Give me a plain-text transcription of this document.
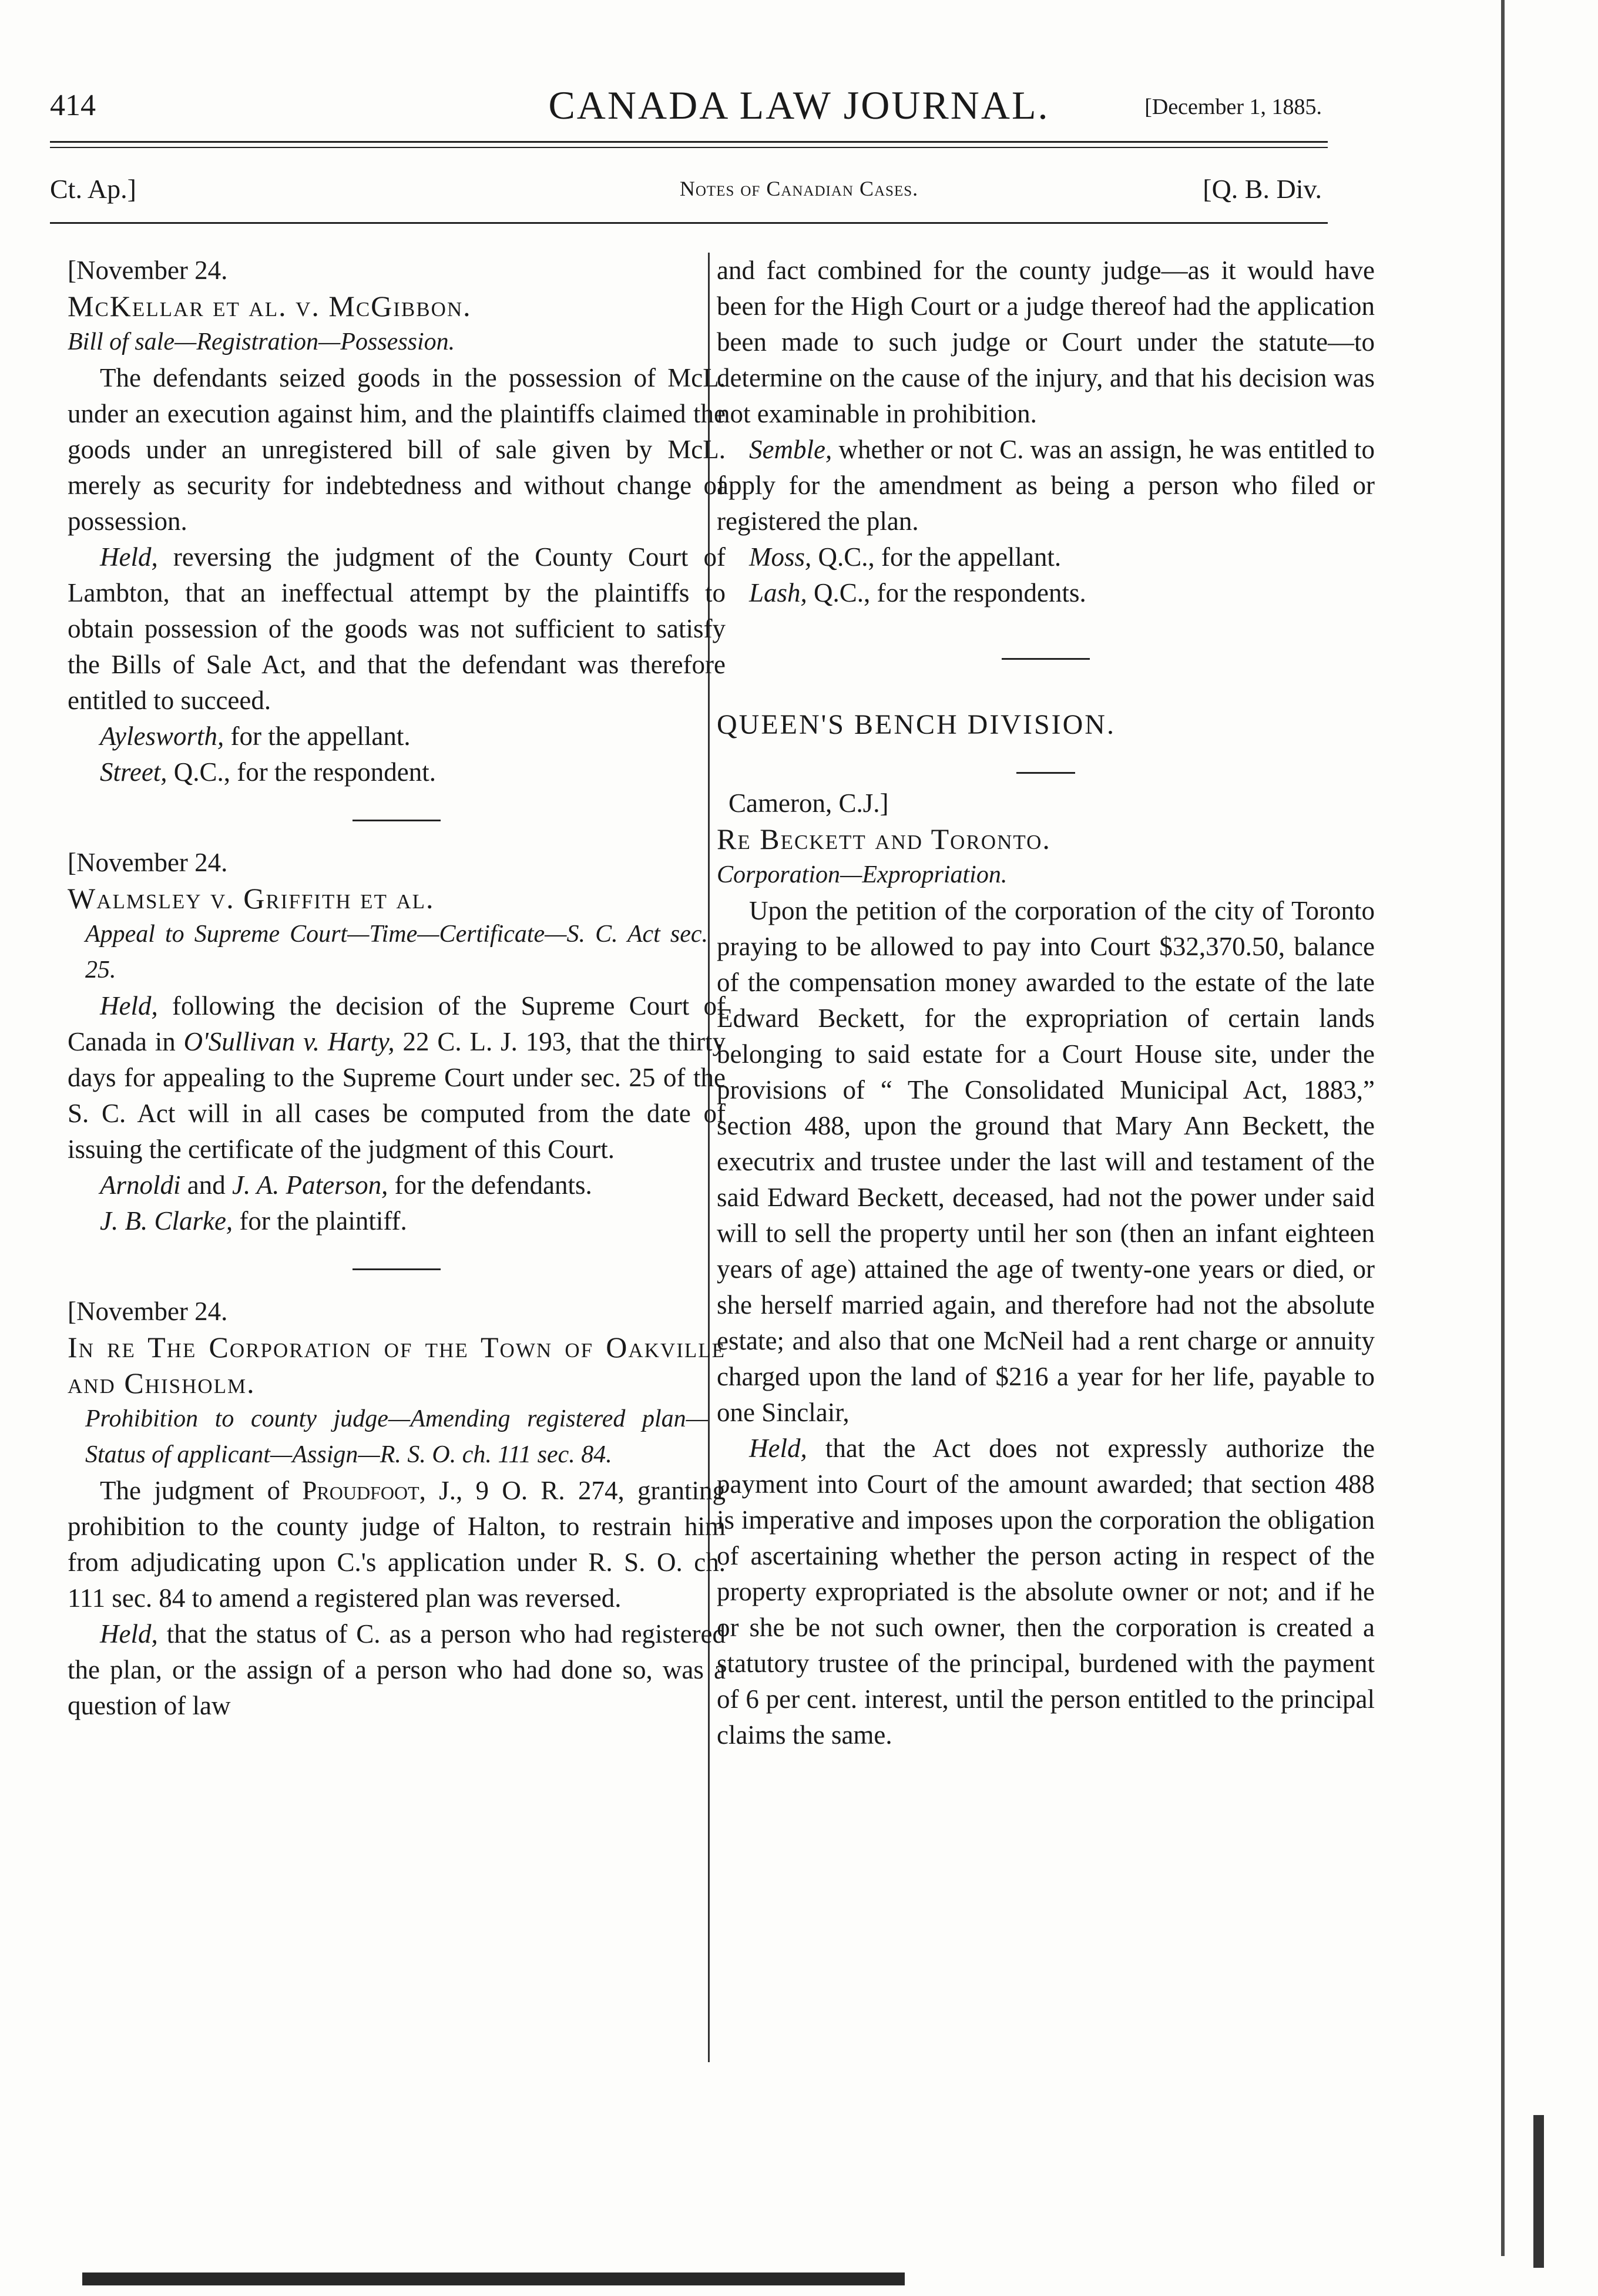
414	CANADA LAW JOURNAL.	[December 1, 1885.
Ct. Ap.]	Notes of Canadian Cases.	[Q. B. Div.

[November 24.

McKellar et al. v. McGibbon.

Bill of sale—Registration—Possession.

The defendants seized goods in the possession of McL. under an execution against him, and the plaintiffs claimed the goods under an unregistered bill of sale given by McL. merely as security for indebtedness and without change of possession.

Held, reversing the judgment of the County Court of Lambton, that an ineffectual attempt by the plaintiffs to obtain possession of the goods was not sufficient to satisfy the Bills of Sale Act, and that the defendant was therefore entitled to succeed.

Aylesworth, for the appellant.

Street, Q.C., for the respondent.

[November 24.

Walmsley v. Griffith et al.

Appeal to Supreme Court—Time—Certificate—S. C. Act sec. 25.

Held, following the decision of the Supreme Court of Canada in O'Sullivan v. Harty, 22 C. L. J. 193, that the thirty days for appealing to the Supreme Court under sec. 25 of the S. C. Act will in all cases be computed from the date of issuing the certificate of the judgment of this Court.

Arnoldi and J. A. Paterson, for the defendants.

J. B. Clarke, for the plaintiff.

[November 24.

In re The Corporation of the Town of Oakville and Chisholm.

Prohibition to county judge—Amending registered plan—Status of applicant—Assign—R. S. O. ch. 111 sec. 84.

The judgment of Proudfoot, J., 9 O. R. 274, granting prohibition to the county judge of Halton, to restrain him from adjudicating upon C.'s application under R. S. O. ch. 111 sec. 84 to amend a registered plan was reversed.

Held, that the status of C. as a person who had registered the plan, or the assign of a person who had done so, was a question of law

and fact combined for the county judge—as it would have been for the High Court or a judge thereof had the application been made to such judge or Court under the statute—to determine on the cause of the injury, and that his decision was not examinable in prohibition.

Semble, whether or not C. was an assign, he was entitled to apply for the amendment as being a person who filed or registered the plan.

Moss, Q.C., for the appellant.

Lash, Q.C., for the respondents.

QUEEN'S BENCH DIVISION.

Cameron, C.J.]

Re Beckett and Toronto.

Corporation—Expropriation.

Upon the petition of the corporation of the city of Toronto praying to be allowed to pay into Court $32,370.50, balance of the compensation money awarded to the estate of the late Edward Beckett, for the expropriation of certain lands belonging to said estate for a Court House site, under the provisions of “ The Consolidated Municipal Act, 1883,” section 488, upon the ground that Mary Ann Beckett, the executrix and trustee under the last will and testament of the said Edward Beckett, deceased, had not the power under said will to sell the property until her son (then an infant eighteen years of age) attained the age of twenty-one years or died, or she herself married again, and therefore had not the absolute estate; and also that one McNeil had a rent charge or annuity charged upon the land of $216 a year for her life, payable to one Sinclair,

Held, that the Act does not expressly authorize the payment into Court of the amount awarded; that section 488 is imperative and imposes upon the corporation the obligation of ascertaining whether the person acting in respect of the property expropriated is the absolute owner or not; and if he or she be not such owner, then the corporation is created a statutory trustee of the principal, burdened with the payment of 6 per cent. interest, until the person entitled to the principal claims the same.
